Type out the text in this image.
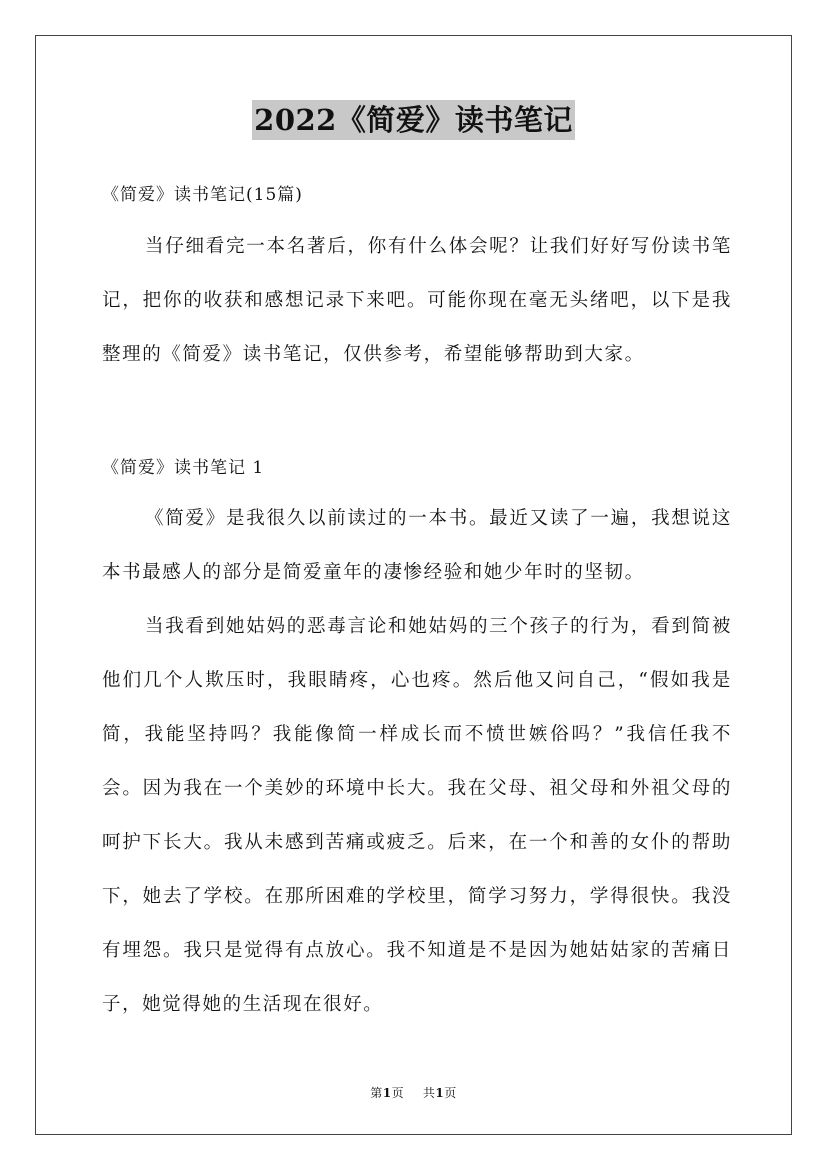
2022《简爱》读书笔记

《简爱》读书笔记(15篇)

当仔细看完一本名著后，你有什么体会呢？让我们好好写份读书笔记，把你的收获和感想记录下来吧。可能你现在毫无头绪吧，以下是我整理的《简爱》读书笔记，仅供参考，希望能够帮助到大家。

《简爱》读书笔记 1

《简爱》是我很久以前读过的一本书。最近又读了一遍，我想说这本书最感人的部分是简爱童年的凄惨经验和她少年时的坚韧。

当我看到她姑妈的恶毒言论和她姑妈的三个孩子的行为，看到简被他们几个人欺压时，我眼睛疼，心也疼。然后他又问自己，“假如我是简，我能坚持吗？我能像简一样成长而不愤世嫉俗吗？”我信任我不会。因为我在一个美妙的环境中长大。我在父母、祖父母和外祖父母的呵护下长大。我从未感到苦痛或疲乏。后来，在一个和善的女仆的帮助下，她去了学校。在那所困难的学校里，简学习努力，学得很快。我没有埋怨。我只是觉得有点放心。我不知道是不是因为她姑姑家的苦痛日子，她觉得她的生活现在很好。

第1页 共1页
